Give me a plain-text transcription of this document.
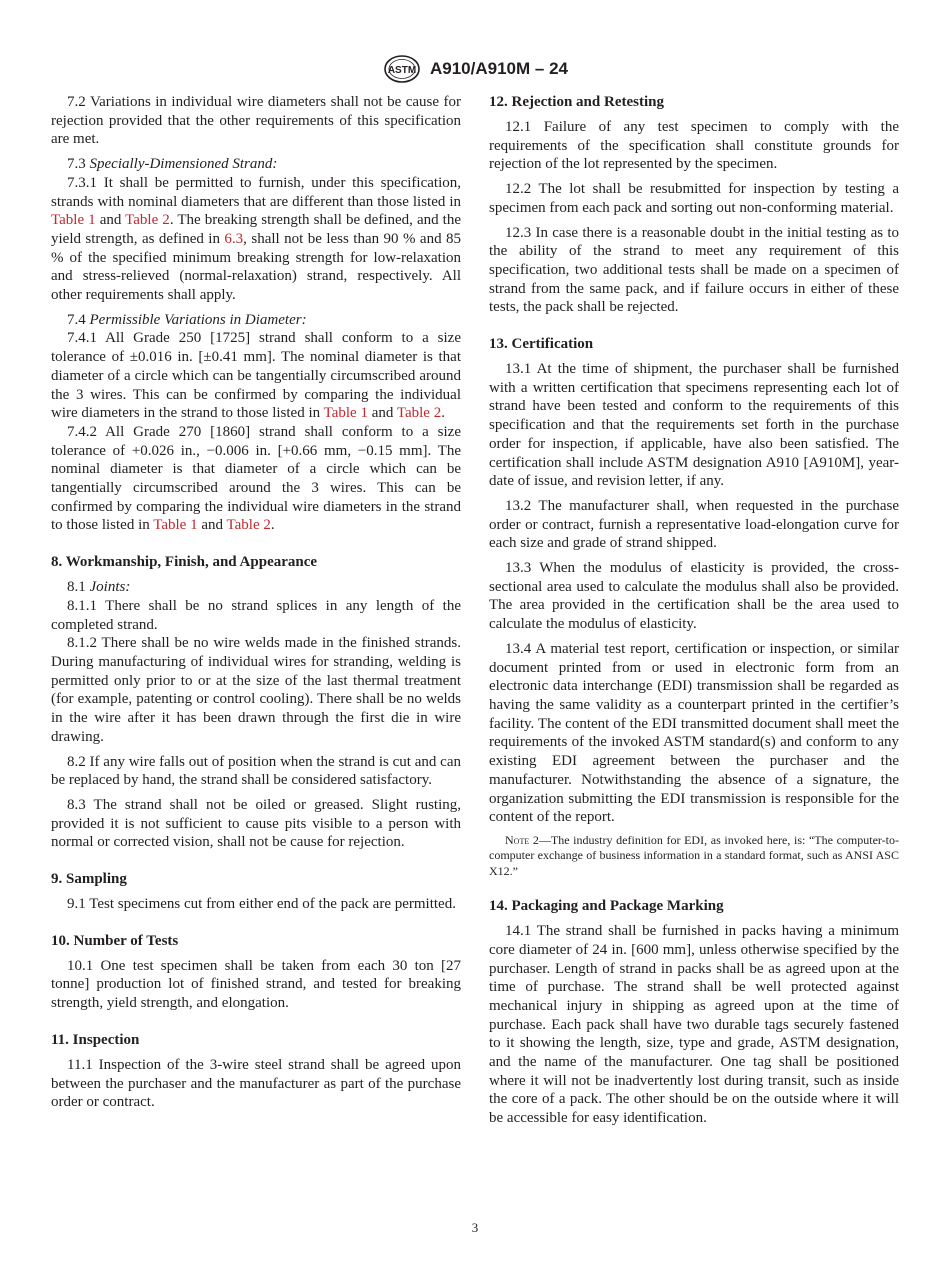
ASTM A910/A910M – 24

7.2 Variations in individual wire diameters shall not be cause for rejection provided that the other requirements of this specification are met.

7.3 Specially-Dimensioned Strand:

7.3.1 It shall be permitted to furnish, under this specification, strands with nominal diameters that are different than those listed in Table 1 and Table 2. The breaking strength shall be defined, and the yield strength, as defined in 6.3, shall not be less than 90 % and 85 % of the specified minimum breaking strength for low-relaxation and stress-relieved (normal-relaxation) strand, respectively. All other requirements shall apply.

7.4 Permissible Variations in Diameter:

7.4.1 All Grade 250 [1725] strand shall conform to a size tolerance of ±0.016 in. [±0.41 mm]. The nominal diameter is that diameter of a circle which can be tangentially circumscribed around the 3 wires. This can be confirmed by comparing the individual wire diameters in the strand to those listed in Table 1 and Table 2.

7.4.2 All Grade 270 [1860] strand shall conform to a size tolerance of +0.026 in., −0.006 in. [+0.66 mm, −0.15 mm]. The nominal diameter is that diameter of a circle which can be tangentially circumscribed around the 3 wires. This can be confirmed by comparing the individual wire diameters in the strand to those listed in Table 1 and Table 2.

8. Workmanship, Finish, and Appearance

8.1 Joints:

8.1.1 There shall be no strand splices in any length of the completed strand.

8.1.2 There shall be no wire welds made in the finished strands. During manufacturing of individual wires for stranding, welding is permitted only prior to or at the size of the last thermal treatment (for example, patenting or control cooling). There shall be no welds in the wire after it has been drawn through the first die in wire drawing.

8.2 If any wire falls out of position when the strand is cut and can be replaced by hand, the strand shall be considered satisfactory.

8.3 The strand shall not be oiled or greased. Slight rusting, provided it is not sufficient to cause pits visible to a person with normal or corrected vision, shall not be cause for rejection.

9. Sampling

9.1 Test specimens cut from either end of the pack are permitted.

10. Number of Tests

10.1 One test specimen shall be taken from each 30 ton [27 tonne] production lot of finished strand, and tested for breaking strength, yield strength, and elongation.

11. Inspection

11.1 Inspection of the 3-wire steel strand shall be agreed upon between the purchaser and the manufacturer as part of the purchase order or contract.

12. Rejection and Retesting

12.1 Failure of any test specimen to comply with the requirements of the specification shall constitute grounds for rejection of the lot represented by the specimen.

12.2 The lot shall be resubmitted for inspection by testing a specimen from each pack and sorting out non-conforming material.

12.3 In case there is a reasonable doubt in the initial testing as to the ability of the strand to meet any requirement of this specification, two additional tests shall be made on a specimen of strand from the same pack, and if failure occurs in either of these tests, the pack shall be rejected.

13. Certification

13.1 At the time of shipment, the purchaser shall be furnished with a written certification that specimens representing each lot of strand have been tested and conform to the requirements of this specification and that the requirements set forth in the purchase order for inspection, if applicable, have also been satisfied. The certification shall include ASTM designation A910 [A910M], year-date of issue, and revision letter, if any.

13.2 The manufacturer shall, when requested in the purchase order or contract, furnish a representative load-elongation curve for each size and grade of strand shipped.

13.3 When the modulus of elasticity is provided, the cross-sectional area used to calculate the modulus shall also be provided. The area provided in the certification shall be the area used to calculate the modulus of elasticity.

13.4 A material test report, certification or inspection, or similar document printed from or used in electronic form from an electronic data interchange (EDI) transmission shall be regarded as having the same validity as a counterpart printed in the certifier’s facility. The content of the EDI transmitted document shall meet the requirements of the invoked ASTM standard(s) and conform to any existing EDI agreement between the purchaser and the manufacturer. Notwithstanding the absence of a signature, the organization submitting the EDI transmission is responsible for the content of the report.

Note 2—The industry definition for EDI, as invoked here, is: “The computer-to-computer exchange of business information in a standard format, such as ANSI ASC X12.”
14. Packaging and Package Marking

14.1 The strand shall be furnished in packs having a minimum core diameter of 24 in. [600 mm], unless otherwise specified by the purchaser. Length of strand in packs shall be as agreed upon at the time of purchase. The strand shall be well protected against mechanical injury in shipping as agreed upon at the time of purchase. Each pack shall have two durable tags securely fastened to it showing the length, size, type and grade, ASTM designation, and the name of the manufacturer. One tag shall be positioned where it will not be inadvertently lost during transit, such as inside the core of a pack. The other should be on the outside where it will be accessible for easy identification.

3
